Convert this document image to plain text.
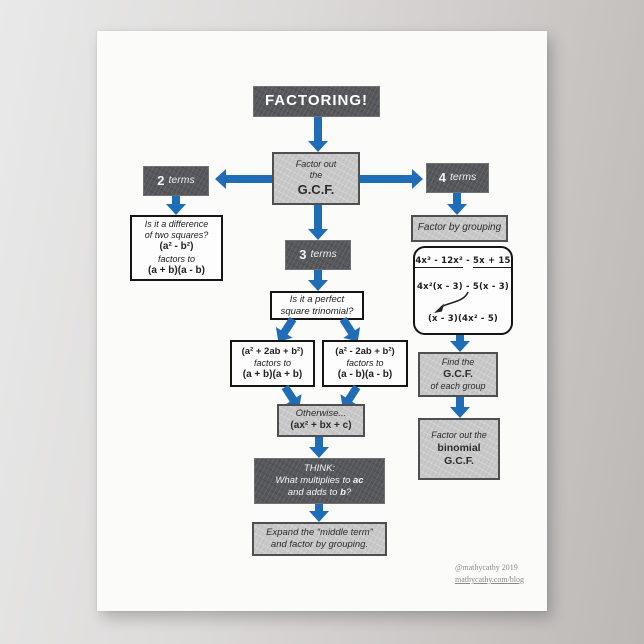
FACTORING!
Factor out
the
G.C.F.
2 terms
Is it a difference
of two squares?
(a² - b²)
factors to
(a + b)(a - b)
4 terms
Factor by grouping
4x³ - 12x² - 5x + 15
4x²(x - 3) - 5(x - 3)
(x - 3)(4x² - 5)
Find the
G.C.F.
of each group
Factor out the
binomial
G.C.F.
3 terms
Is it a perfect
square trinomial?
(a² + 2ab + b²)
factors to
(a + b)(a + b)
(a² - 2ab + b²)
factors to
(a - b)(a - b)
Otherwise...
(ax² + bx + c)
THINK:
What multiplies to ac
and adds to b?
Expand the “middle term”
and factor by grouping.
@mathycathy 2019
mathycathy.com/blog
